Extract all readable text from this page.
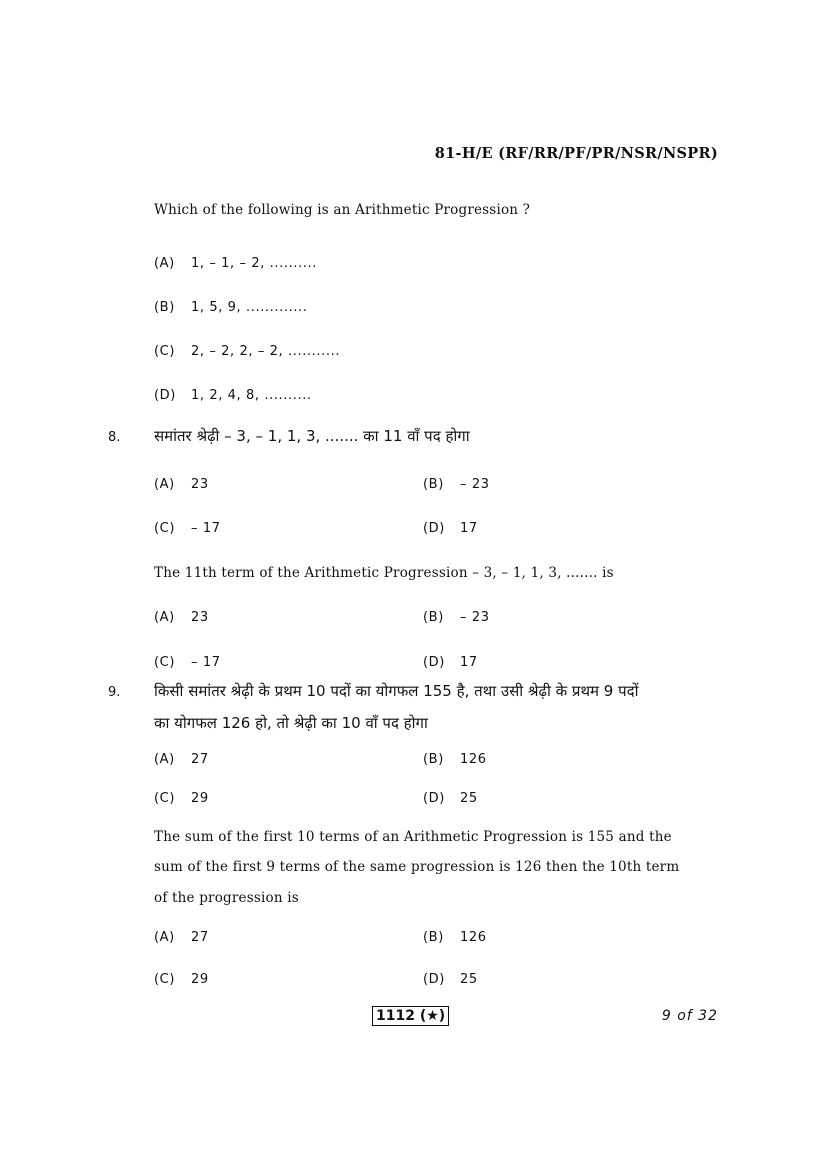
81-H/E (RF/RR/PF/PR/NSR/NSPR)
Which of the following is an Arithmetic Progression ?
(A) 1, – 1, – 2, ..........
(B) 1, 5, 9, .............
(C) 2, – 2, 2, – 2, ...........
(D) 1, 2, 4, 8, ..........
8. समांतर श्रेढ़ी – 3, – 1, 1, 3, ....... का 11 वाँ पद होगा
(A) 23	(B) – 23
(C) – 17	(D) 17
The 11th term of the Arithmetic Progression – 3, – 1, 1, 3, ....... is
(A) 23	(B) – 23
(C) – 17	(D) 17
9. किसी समांतर श्रेढ़ी के प्रथम 10 पदों का योगफल 155 है, तथा उसी श्रेढ़ी के प्रथम 9 पदों
का योगफल 126 हो, तो श्रेढ़ी का 10 वाँ पद होगा
(A) 27	(B) 126
(C) 29	(D) 25
The sum of the first 10 terms of an Arithmetic Progression is 155 and the
sum of the first 9 terms of the same progression is 126 then the 10th term
of the progression is
(A) 27	(B) 126
(C) 29	(D) 25
1112 (★)	9 of 32
